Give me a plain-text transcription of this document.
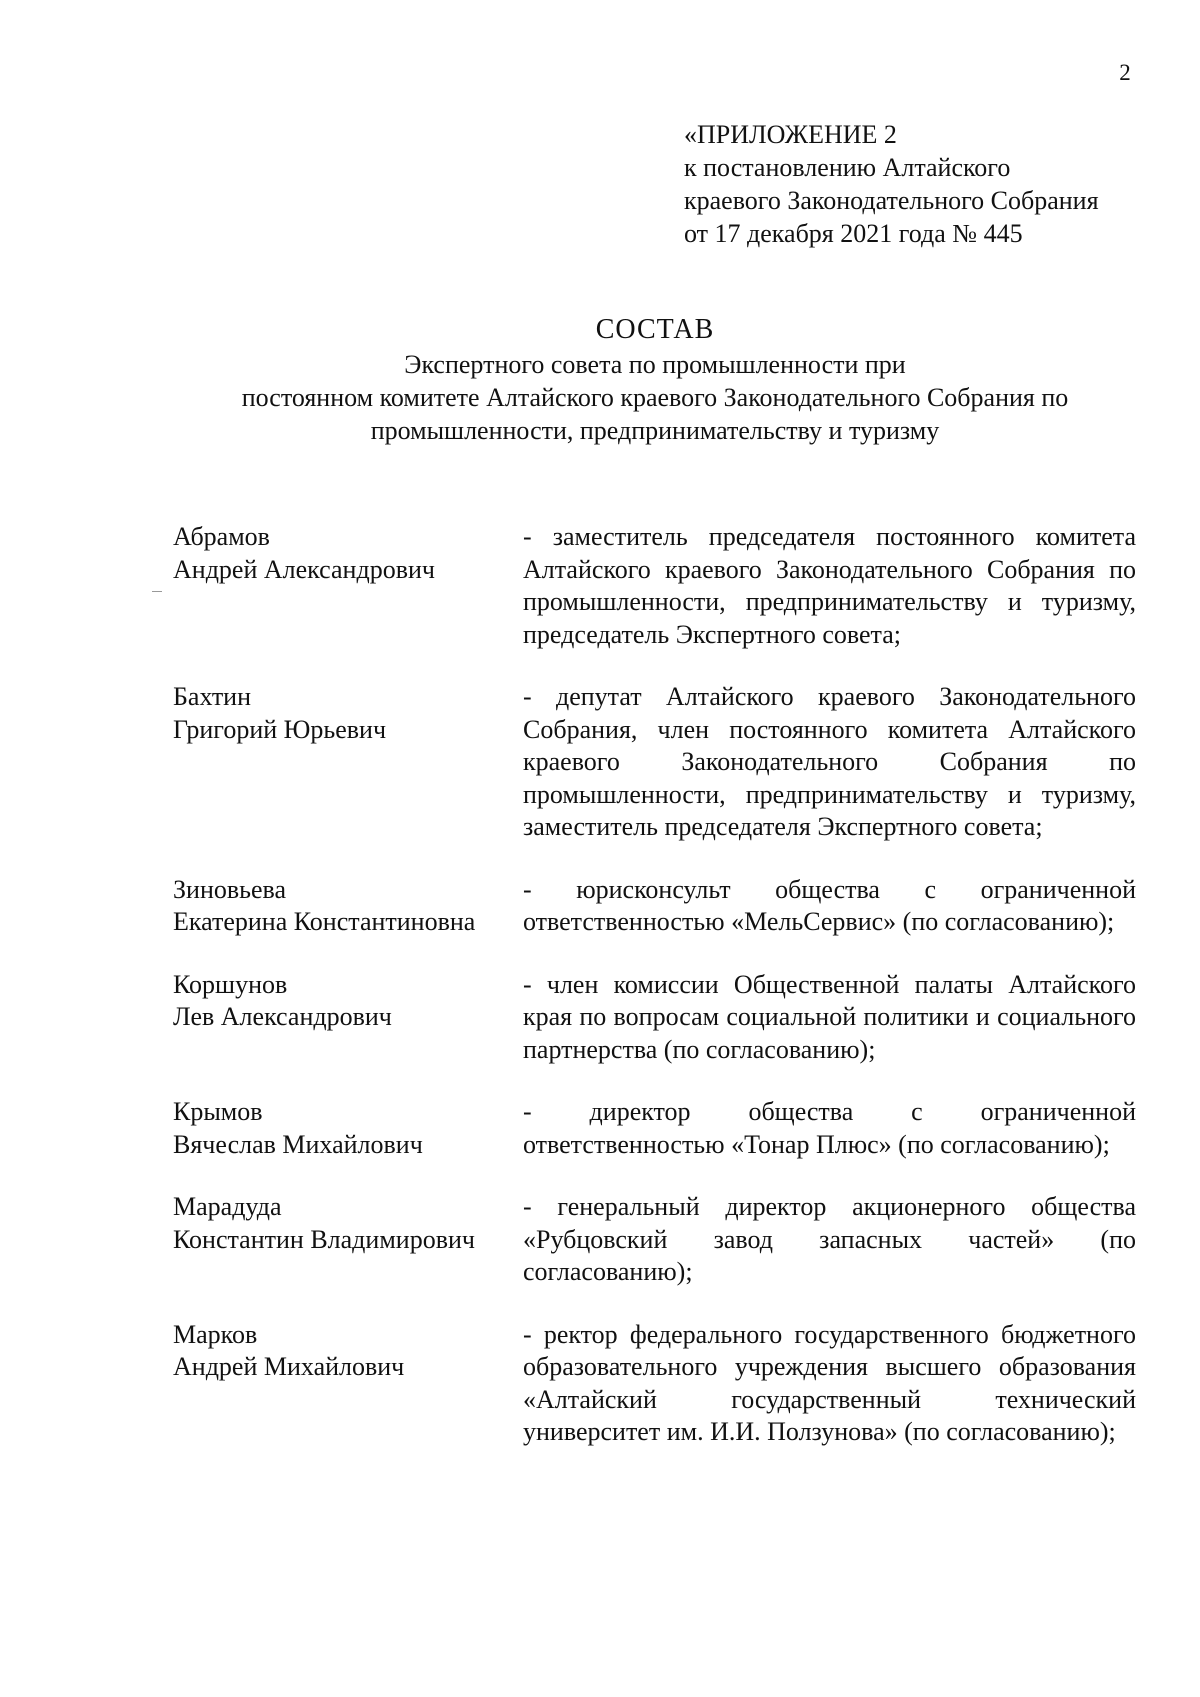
2
«ПРИЛОЖЕНИЕ 2
к постановлению Алтайского
краевого Законодательного Собрания
от 17 декабря 2021 года № 445
СОСТАВ
Экспертного совета по промышленности при
постоянном комитете Алтайского краевого Законодательного Собрания по
промышленности, предпринимательству и туризму
Абрамов
Андрей Александрович
- заместитель председателя постоянного комитета Алтайского краевого Законодательного Собрания по промышленности, предпринимательству и туризму, председатель Экспертного совета;
Бахтин
Григорий Юрьевич
- депутат Алтайского краевого Законодательного Собрания, член постоянного комитета Алтайского краевого Законодательного Собрания по промышленности, предпринимательству и туризму, заместитель председателя Экспертного совета;
Зиновьева
Екатерина Константиновна
- юрисконсульт общества с ограниченной ответственностью «МельСервис» (по согласованию);
Коршунов
Лев Александрович
- член комиссии Общественной палаты Алтайского края по вопросам социальной политики и социального партнерства (по согласованию);
Крымов
Вячеслав Михайлович
- директор общества с ограниченной ответственностью «Тонар Плюс» (по согласованию);
Марадуда
Константин Владимирович
- генеральный директор акционерного общества «Рубцовский завод запасных частей» (по согласованию);
Марков
Андрей Михайлович
- ректор федерального государственного бюджетного образовательного учреждения высшего образования «Алтайский государственный технический университет им. И.И. Ползунова» (по согласованию);
